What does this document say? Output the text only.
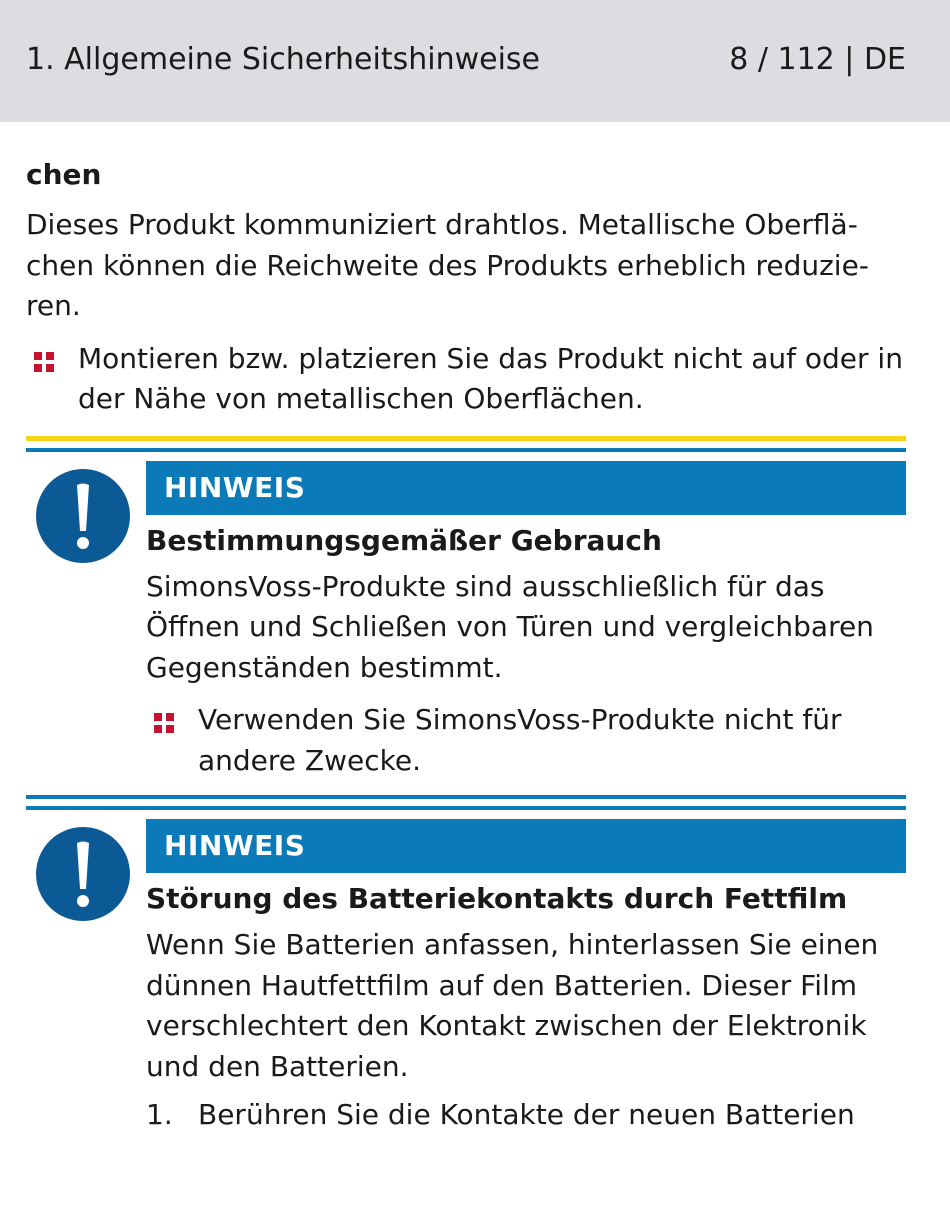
1. Allgemeine Sicherheitshinweise	8 / 112 | DE

chen

Dieses Produkt kommuniziert drahtlos. Metallische Oberflächen können die Reichweite des Produkts erheblich reduzieren.

Montieren bzw. platzieren Sie das Produkt nicht auf oder in der Nähe von metallischen Oberflächen.
HINWEIS
Bestimmungsgemäßer Gebrauch
SimonsVoss-Produkte sind ausschließlich für das Öffnen und Schließen von Türen und vergleichbaren Gegenständen bestimmt.
Verwenden Sie SimonsVoss-Produkte nicht für andere Zwecke.
HINWEIS
Störung des Batteriekontakts durch Fettfilm
Wenn Sie Batterien anfassen, hinterlassen Sie einen dünnen Hautfettfilm auf den Batterien. Dieser Film verschlechtert den Kontakt zwischen der Elektronik und den Batterien.
1. Berühren Sie die Kontakte der neuen Batterien
